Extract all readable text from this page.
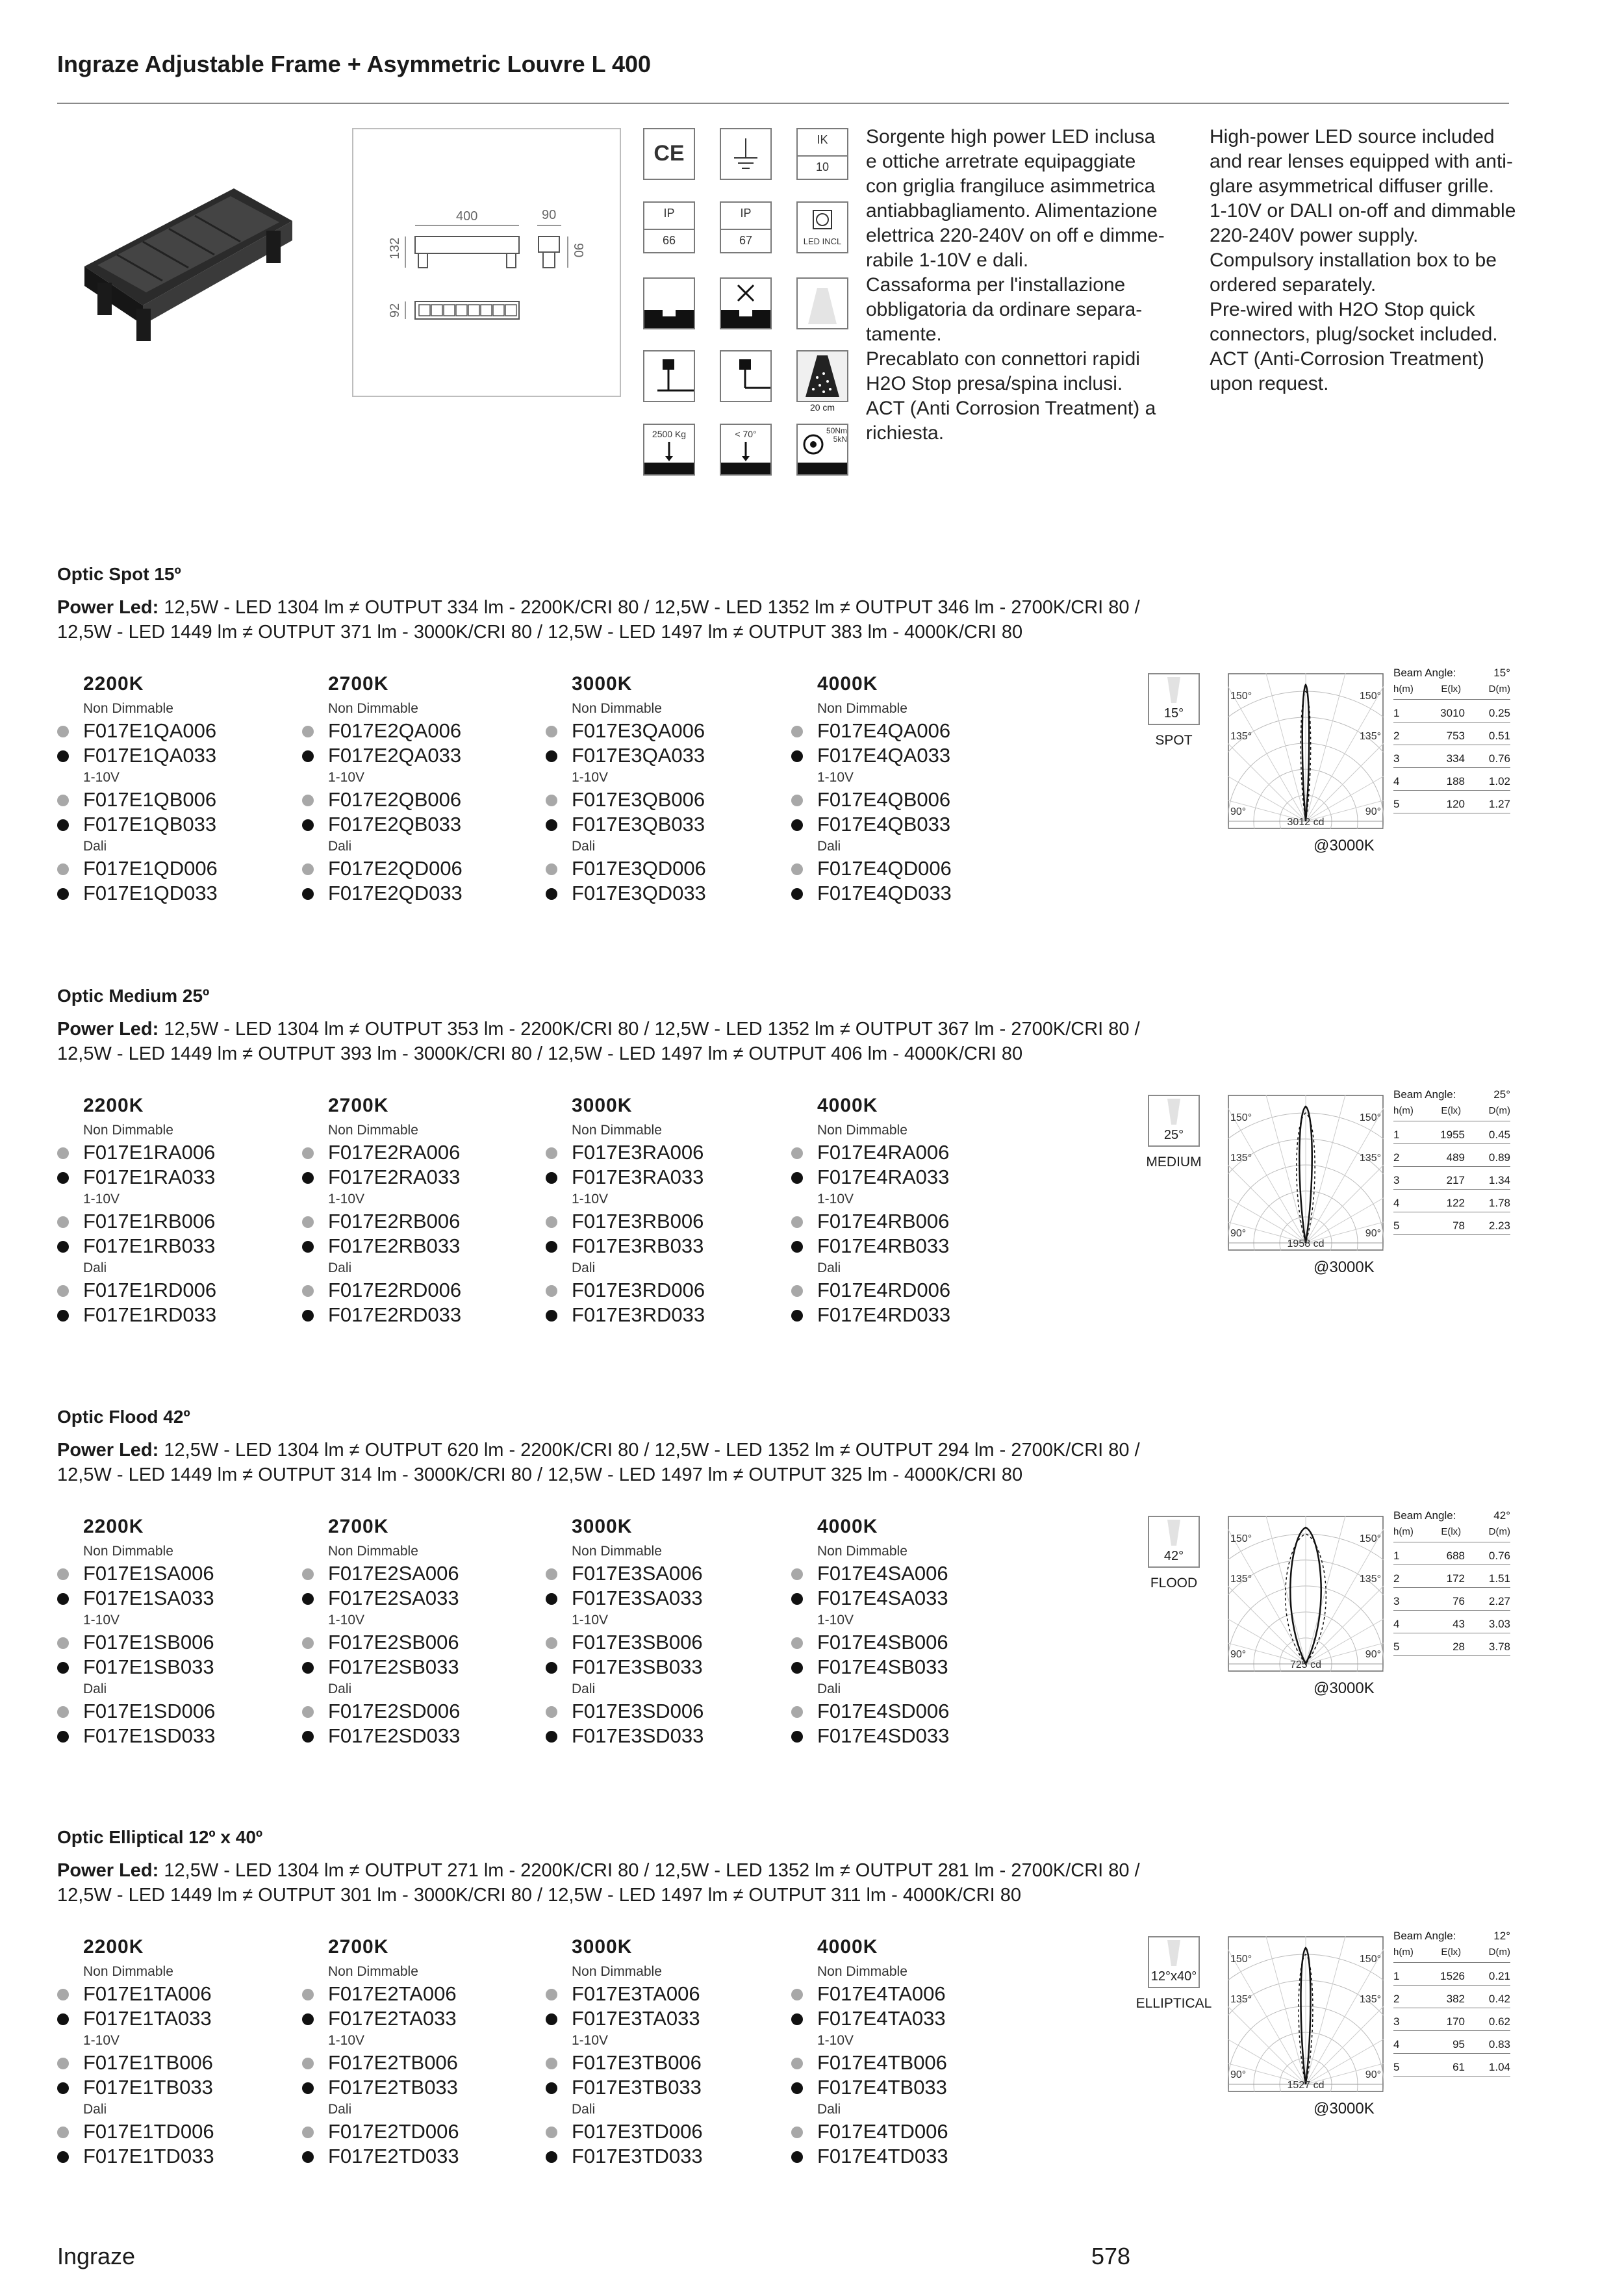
Ingraze Adjustable Frame + Asymmetric Louvre L 400
400	90
132	90
92
CE
IK
10
IP
66
IP
67	LED INCL
20 cm
2500 Kg	< 70°	50Nm
5kN
Sorgente high power LED inclusa
e ottiche arretrate equipaggiate
con griglia frangiluce asimmetrica
antiabbagliamento. Alimentazione
elettrica 220-240V on off e dimme-
rabile 1-10V e dali.
Cassaforma per l'installazione
obbligatoria da ordinare separa-
tamente.
Precablato con connettori rapidi
H2O Stop presa/spina inclusi.
ACT (Anti Corrosion Treatment) a
richiesta.
High-power LED source included
and rear lenses equipped with anti-
glare asymmetrical diffuser grille.
1-10V or DALI on-off and dimmable
220-240V power supply.
Compulsory installation box to be
ordered separately.
Pre-wired with H2O Stop quick
connectors, plug/socket included.
ACT (Anti-Corrosion Treatment)
upon request.
Optic Spot 15º
Power Led: 12,5W - LED 1304 lm ≠ OUTPUT 334 lm - 2200K/CRI 80 / 12,5W - LED 1352 lm ≠ OUTPUT 346 lm - 2700K/CRI 80 /
12,5W - LED 1449 lm ≠ OUTPUT 371 lm - 3000K/CRI 80 / 12,5W - LED 1497 lm ≠ OUTPUT 383 lm - 4000K/CRI 80
2200K
Non Dimmable
F017E1QA006
F017E1QA033
1-10V
F017E1QB006
F017E1QB033
Dali
F017E1QD006
F017E1QD033
2700K
Non Dimmable
F017E2QA006
F017E2QA033
1-10V
F017E2QB006
F017E2QB033
Dali
F017E2QD006
F017E2QD033
3000K
Non Dimmable
F017E3QA006
F017E3QA033
1-10V
F017E3QB006
F017E3QB033
Dali
F017E3QD006
F017E3QD033
4000K
Non Dimmable
F017E4QA006
F017E4QA033
1-10V
F017E4QB006
F017E4QB033
Dali
F017E4QD006
F017E4QD033
15°
SPOT
150°	150°
135°	135°
90°	90°
3012 cd
@3000K
Beam Angle:	15°
h(m)	E(lx)	D(m)
1	3010	0.25
2	753	0.51
3	334	0.76
4	188	1.02
5	120	1.27
Optic Medium 25º
Power Led: 12,5W - LED 1304 lm ≠ OUTPUT 353 lm - 2200K/CRI 80 / 12,5W - LED 1352 lm ≠ OUTPUT 367 lm - 2700K/CRI 80 /
12,5W - LED 1449 lm ≠ OUTPUT 393 lm - 3000K/CRI 80 / 12,5W - LED 1497 lm ≠ OUTPUT 406 lm - 4000K/CRI 80
2200K
Non Dimmable
F017E1RA006
F017E1RA033
1-10V
F017E1RB006
F017E1RB033
Dali
F017E1RD006
F017E1RD033
2700K
Non Dimmable
F017E2RA006
F017E2RA033
1-10V
F017E2RB006
F017E2RB033
Dali
F017E2RD006
F017E2RD033
3000K
Non Dimmable
F017E3RA006
F017E3RA033
1-10V
F017E3RB006
F017E3RB033
Dali
F017E3RD006
F017E3RD033
4000K
Non Dimmable
F017E4RA006
F017E4RA033
1-10V
F017E4RB006
F017E4RB033
Dali
F017E4RD006
F017E4RD033
25°
MEDIUM
150°	150°
135°	135°
90°	90°
1958 cd
@3000K
Beam Angle:	25°
h(m)	E(lx)	D(m)
1	1955	0.45
2	489	0.89
3	217	1.34
4	122	1.78
5	78	2.23
Optic Flood 42º
Power Led: 12,5W - LED 1304 lm ≠ OUTPUT 620 lm - 2200K/CRI 80 / 12,5W - LED 1352 lm ≠ OUTPUT 294 lm - 2700K/CRI 80 /
12,5W - LED 1449 lm ≠ OUTPUT 314 lm - 3000K/CRI 80 / 12,5W - LED 1497 lm ≠ OUTPUT 325 lm - 4000K/CRI 80
2200K
Non Dimmable
F017E1SA006
F017E1SA033
1-10V
F017E1SB006
F017E1SB033
Dali
F017E1SD006
F017E1SD033
2700K
Non Dimmable
F017E2SA006
F017E2SA033
1-10V
F017E2SB006
F017E2SB033
Dali
F017E2SD006
F017E2SD033
3000K
Non Dimmable
F017E3SA006
F017E3SA033
1-10V
F017E3SB006
F017E3SB033
Dali
F017E3SD006
F017E3SD033
4000K
Non Dimmable
F017E4SA006
F017E4SA033
1-10V
F017E4SB006
F017E4SB033
Dali
F017E4SD006
F017E4SD033
42°
FLOOD
150°	150°
135°	135°
90°	90°
725 cd
@3000K
Beam Angle:	42°
h(m)	E(lx)	D(m)
1	688	0.76
2	172	1.51
3	76	2.27
4	43	3.03
5	28	3.78
Optic Elliptical 12º x 40º
Power Led: 12,5W - LED 1304 lm ≠ OUTPUT 271 lm - 2200K/CRI 80 / 12,5W - LED 1352 lm ≠ OUTPUT 281 lm - 2700K/CRI 80 /
12,5W - LED 1449 lm ≠ OUTPUT 301 lm - 3000K/CRI 80 / 12,5W - LED 1497 lm ≠ OUTPUT 311 lm - 4000K/CRI 80
2200K
Non Dimmable
F017E1TA006
F017E1TA033
1-10V
F017E1TB006
F017E1TB033
Dali
F017E1TD006
F017E1TD033
2700K
Non Dimmable
F017E2TA006
F017E2TA033
1-10V
F017E2TB006
F017E2TB033
Dali
F017E2TD006
F017E2TD033
3000K
Non Dimmable
F017E3TA006
F017E3TA033
1-10V
F017E3TB006
F017E3TB033
Dali
F017E3TD006
F017E3TD033
4000K
Non Dimmable
F017E4TA006
F017E4TA033
1-10V
F017E4TB006
F017E4TB033
Dali
F017E4TD006
F017E4TD033
12°x40°
ELLIPTICAL
150°	150°
135°	135°
90°	90°
1527 cd
@3000K
Beam Angle:	12°
h(m)	E(lx)	D(m)
1	1526	0.21
2	382	0.42
3	170	0.62
4	95	0.83
5	61	1.04
Ingraze	578
